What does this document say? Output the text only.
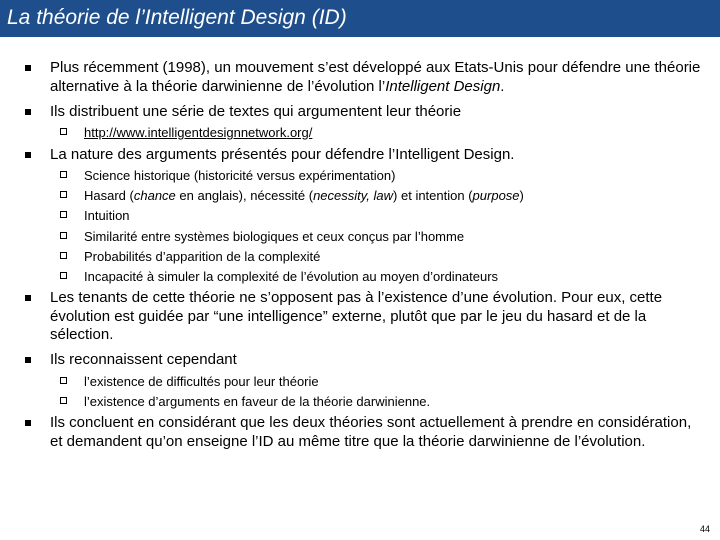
La théorie de l’Intelligent Design (ID)
Plus récemment (1998), un mouvement s’est développé aux Etats-Unis pour défendre une théorie alternative à la théorie darwinienne de l’évolution l’Intelligent Design.
Ils distribuent une série de textes qui argumentent leur théorie
http://www.intelligentdesignnetwork.org/
La nature des arguments présentés pour défendre l’Intelligent Design.
Science historique (historicité versus expérimentation)
Hasard (chance en anglais), nécessité (necessity, law) et intention (purpose)
Intuition
Similarité entre systèmes biologiques et ceux conçus par l’homme
Probabilités d’apparition de la complexité
Incapacité à simuler la complexité de l’évolution au moyen d’ordinateurs
Les tenants de cette théorie ne s’opposent pas à l’existence d’une évolution. Pour eux, cette évolution est guidée par “une intelligence” externe, plutôt que par le jeu du hasard et de la sélection.
Ils reconnaissent cependant
l’existence de difficultés pour leur théorie
l’existence d’arguments en faveur de la théorie darwinienne.
Ils concluent en considérant que les deux théories sont actuellement à prendre en considération, et demandent qu’on enseigne l’ID au même titre que la théorie darwinienne de l’évolution.
44
